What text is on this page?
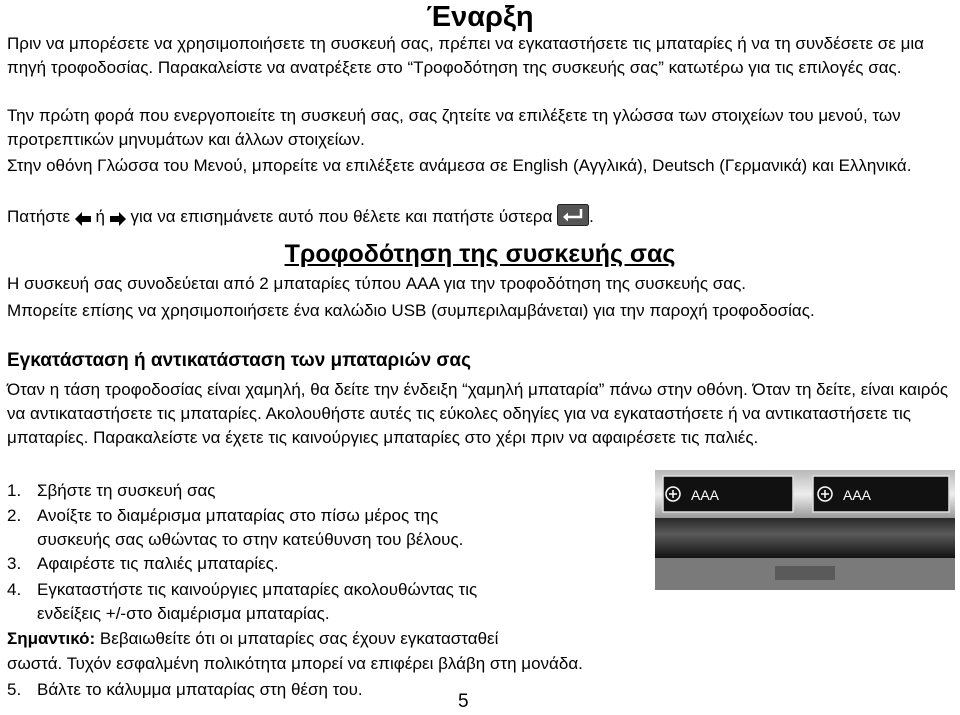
Έναρξη

Πριν να μπορέσετε να χρησιμοποιήσετε τη συσκευή σας, πρέπει να εγκαταστήσετε τις μπαταρίες ή να τη συνδέσετε σε μια πηγή τροφοδοσίας. Παρακαλείστε να ανατρέξετε στο “Τροφοδότηση της συσκευής σας” κατωτέρω για τις επιλογές σας.

Την πρώτη φορά που ενεργοποιείτε τη συσκευή σας, σας ζητείτε να επιλέξετε τη γλώσσα των στοιχείων του μενού, των προτρεπτικών μηνυμάτων και άλλων στοιχείων.

Στην οθόνη Γλώσσα του Μενού, μπορείτε να επιλέξετε ανάμεσα σε English (Αγγλικά), Deutsch (Γερμανικά) και Ελληνικά.

Πατήστε ή για να επισημάνετε αυτό που θέλετε και πατήστε ύστερα .
Τροφοδότηση της συσκευής σας

Η συσκευή σας συνοδεύεται από 2 μπαταρίες τύπου AAA για την τροφοδότηση της συσκευής σας.

Μπορείτε επίσης να χρησιμοποιήσετε ένα καλώδιο USB (συμπεριλαμβάνεται) για την παροχή τροφοδοσίας.

Εγκατάσταση ή αντικατάσταση των μπαταριών σας

Όταν η τάση τροφοδοσίας είναι χαμηλή, θα δείτε την ένδειξη “χαμηλή μπαταρία” πάνω στην οθόνη. Όταν τη δείτε, είναι καιρός να αντικαταστήσετε τις μπαταρίες. Ακολουθήστε αυτές τις εύκολες οδηγίες για να εγκαταστήσετε ή να αντικαταστήσετε τις μπαταρίες. Παρακαλείστε να έχετε τις καινούργιες μπαταρίες στο χέρι πριν να αφαιρέσετε τις παλιές.

1. Σβήστε τη συσκευή σας
2. Ανοίξτε το διαμέρισμα μπαταρίας στο πίσω μέρος της
συσκευής σας ωθώντας το στην κατεύθυνση του βέλους.
3. Αφαιρέστε τις παλιές μπαταρίες.
4. Εγκαταστήστε τις καινούργιες μπαταρίες ακολουθώντας τις
ενδείξεις +/-στο διαμέρισμα μπαταρίας.
Σημαντικό: Βεβαιωθείτε ότι οι μπαταρίες σας έχουν εγκατασταθεί
σωστά. Τυχόν εσφαλμένη πολικότητα μπορεί να επιφέρει βλάβη στη μονάδα.
5. Βάλτε το κάλυμμα μπαταρίας στη θέση του.
5
AAA	AAA
